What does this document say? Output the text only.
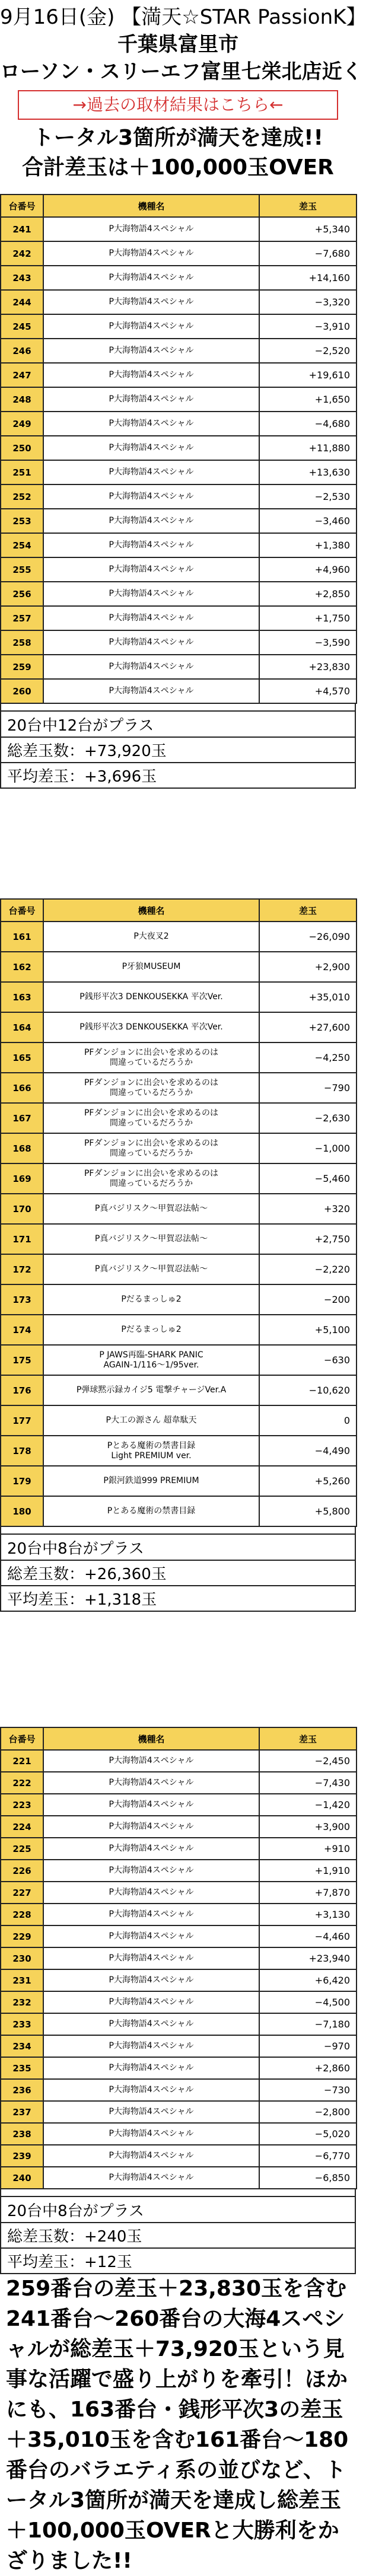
9月16日(金) 【満天☆STAR PassionK】
千葉県富里市
ローソン・スリーエフ富里七栄北店近く
→過去の取材結果はこちら←
トータル3箇所が満天を達成!!
合計差玉は＋100,000玉OVER
台番号	機種名	差玉
241	P大海物語4スペシャル	+5,340
242	P大海物語4スペシャル	−7,680
243	P大海物語4スペシャル	+14,160
244	P大海物語4スペシャル	−3,320
245	P大海物語4スペシャル	−3,910
246	P大海物語4スペシャル	−2,520
247	P大海物語4スペシャル	+19,610
248	P大海物語4スペシャル	+1,650
249	P大海物語4スペシャル	−4,680
250	P大海物語4スペシャル	+11,880
251	P大海物語4スペシャル	+13,630
252	P大海物語4スペシャル	−2,530
253	P大海物語4スペシャル	−3,460
254	P大海物語4スペシャル	+1,380
255	P大海物語4スペシャル	+4,960
256	P大海物語4スペシャル	+2,850
257	P大海物語4スペシャル	+1,750
258	P大海物語4スペシャル	−3,590
259	P大海物語4スペシャル	+23,830
260	P大海物語4スペシャル	+4,570
20台中12台がプラス
総差玉数：+73,920玉
平均差玉：+3,696玉
台番号	機種名	差玉
161	P大夜叉2	−26,090
162	P牙狼MUSEUM	+2,900
163	P銭形平次3 DENKOUSEKKA 平次Ver.	+35,010
164	P銭形平次3 DENKOUSEKKA 平次Ver.	+27,600
165	PFダンジョンに出会いを求めるのは
間違っているだろうか	−4,250
166	PFダンジョンに出会いを求めるのは
間違っているだろうか	−790
167	PFダンジョンに出会いを求めるのは
間違っているだろうか	−2,630
168	PFダンジョンに出会いを求めるのは
間違っているだろうか	−1,000
169	PFダンジョンに出会いを求めるのは
間違っているだろうか	−5,460
170	P真バジリスク〜甲賀忍法帖〜	+320
171	P真バジリスク〜甲賀忍法帖〜	+2,750
172	P真バジリスク〜甲賀忍法帖〜	−2,220
173	Pだるまっしゅ2	−200
174	Pだるまっしゅ2	+5,100
175	P JAWS再臨-SHARK PANIC
AGAIN-1/116〜1/95ver.	−630
176	P弾球黙示録カイジ5 電撃チャージVer.A	−10,620
177	P大工の源さん 超韋駄天	0
178	Pとある魔術の禁書目録
Light PREMIUM ver.	−4,490
179	P銀河鉄道999 PREMIUM	+5,260
180	Pとある魔術の禁書目録	+5,800
20台中8台がプラス
総差玉数：+26,360玉
平均差玉：+1,318玉
台番号	機種名	差玉
221	P大海物語4スペシャル	−2,450
222	P大海物語4スペシャル	−7,430
223	P大海物語4スペシャル	−1,420
224	P大海物語4スペシャル	+3,900
225	P大海物語4スペシャル	+910
226	P大海物語4スペシャル	+1,910
227	P大海物語4スペシャル	+7,870
228	P大海物語4スペシャル	+3,130
229	P大海物語4スペシャル	−4,460
230	P大海物語4スペシャル	+23,940
231	P大海物語4スペシャル	+6,420
232	P大海物語4スペシャル	−4,500
233	P大海物語4スペシャル	−7,180
234	P大海物語4スペシャル	−970
235	P大海物語4スペシャル	+2,860
236	P大海物語4スペシャル	−730
237	P大海物語4スペシャル	−2,800
238	P大海物語4スペシャル	−5,020
239	P大海物語4スペシャル	−6,770
240	P大海物語4スペシャル	−6,850
20台中8台がプラス
総差玉数：+240玉
平均差玉：+12玉
259番台の差玉＋23,830玉を含む241番台〜260番台の大海4スペシャルが総差玉＋73,920玉という見事な活躍で盛り上がりを牽引！ほかにも、163番台・銭形平次3の差玉＋35,010玉を含む161番台〜180番台のバラエティ系の並びなど、トータル3箇所が満天を達成し総差玉＋100,000玉OVERと大勝利をかざりました!!
